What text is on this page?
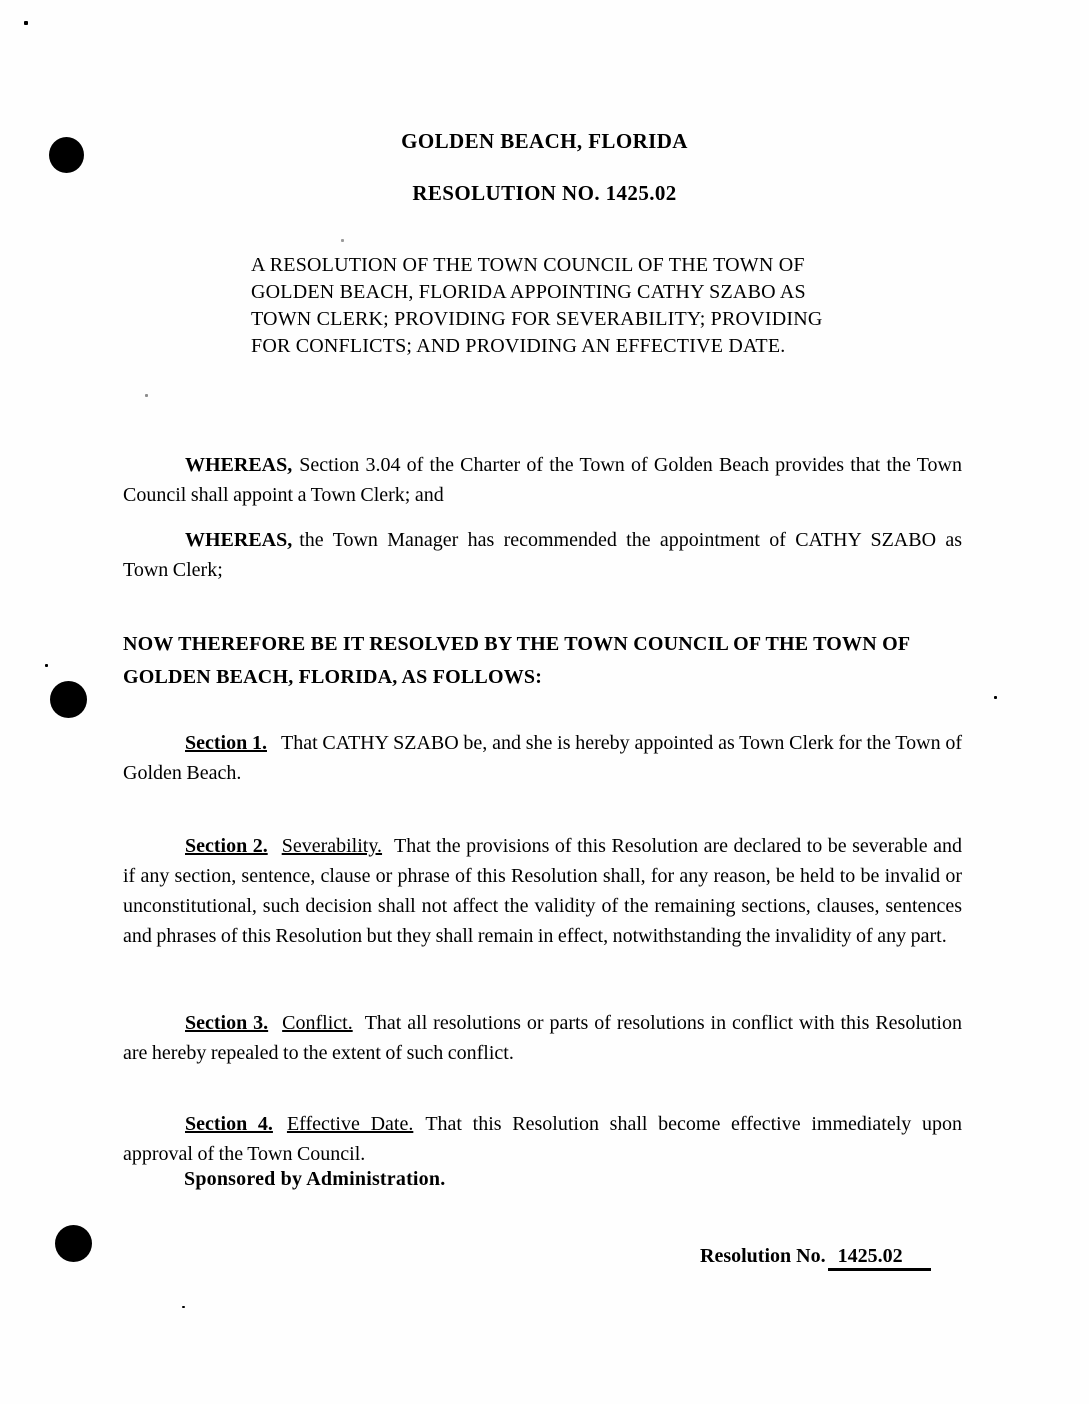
GOLDEN BEACH, FLORIDA
RESOLUTION NO. 1425.02
A RESOLUTION OF THE TOWN COUNCIL OF THE TOWN OF
GOLDEN BEACH, FLORIDA APPOINTING CATHY SZABO AS
TOWN CLERK; PROVIDING FOR SEVERABILITY; PROVIDING
FOR CONFLICTS; AND PROVIDING AN EFFECTIVE DATE.

WHEREAS, Section 3.04 of the Charter of the Town of Golden Beach provides that the Town Council shall appoint a Town Clerk; and

WHEREAS, the Town Manager has recommended the appointment of CATHY SZABO as Town Clerk;

NOW THEREFORE BE IT RESOLVED BY THE TOWN COUNCIL OF THE TOWN OF GOLDEN BEACH, FLORIDA, AS FOLLOWS:

Section 1. That CATHY SZABO be, and she is hereby appointed as Town Clerk for the Town of Golden Beach.

Section 2. Severability. That the provisions of this Resolution are declared to be severable and if any section, sentence, clause or phrase of this Resolution shall, for any reason, be held to be invalid or unconstitutional, such decision shall not affect the validity of the remaining sections, clauses, sentences and phrases of this Resolution but they shall remain in effect, notwithstanding the invalidity of any part.

Section 3. Conflict. That all resolutions or parts of resolutions in conflict with this Resolution are hereby repealed to the extent of such conflict.

Section 4. Effective Date. That this Resolution shall become effective immediately upon approval of the Town Council.

Sponsored by Administration.
Resolution No. 1425.02
